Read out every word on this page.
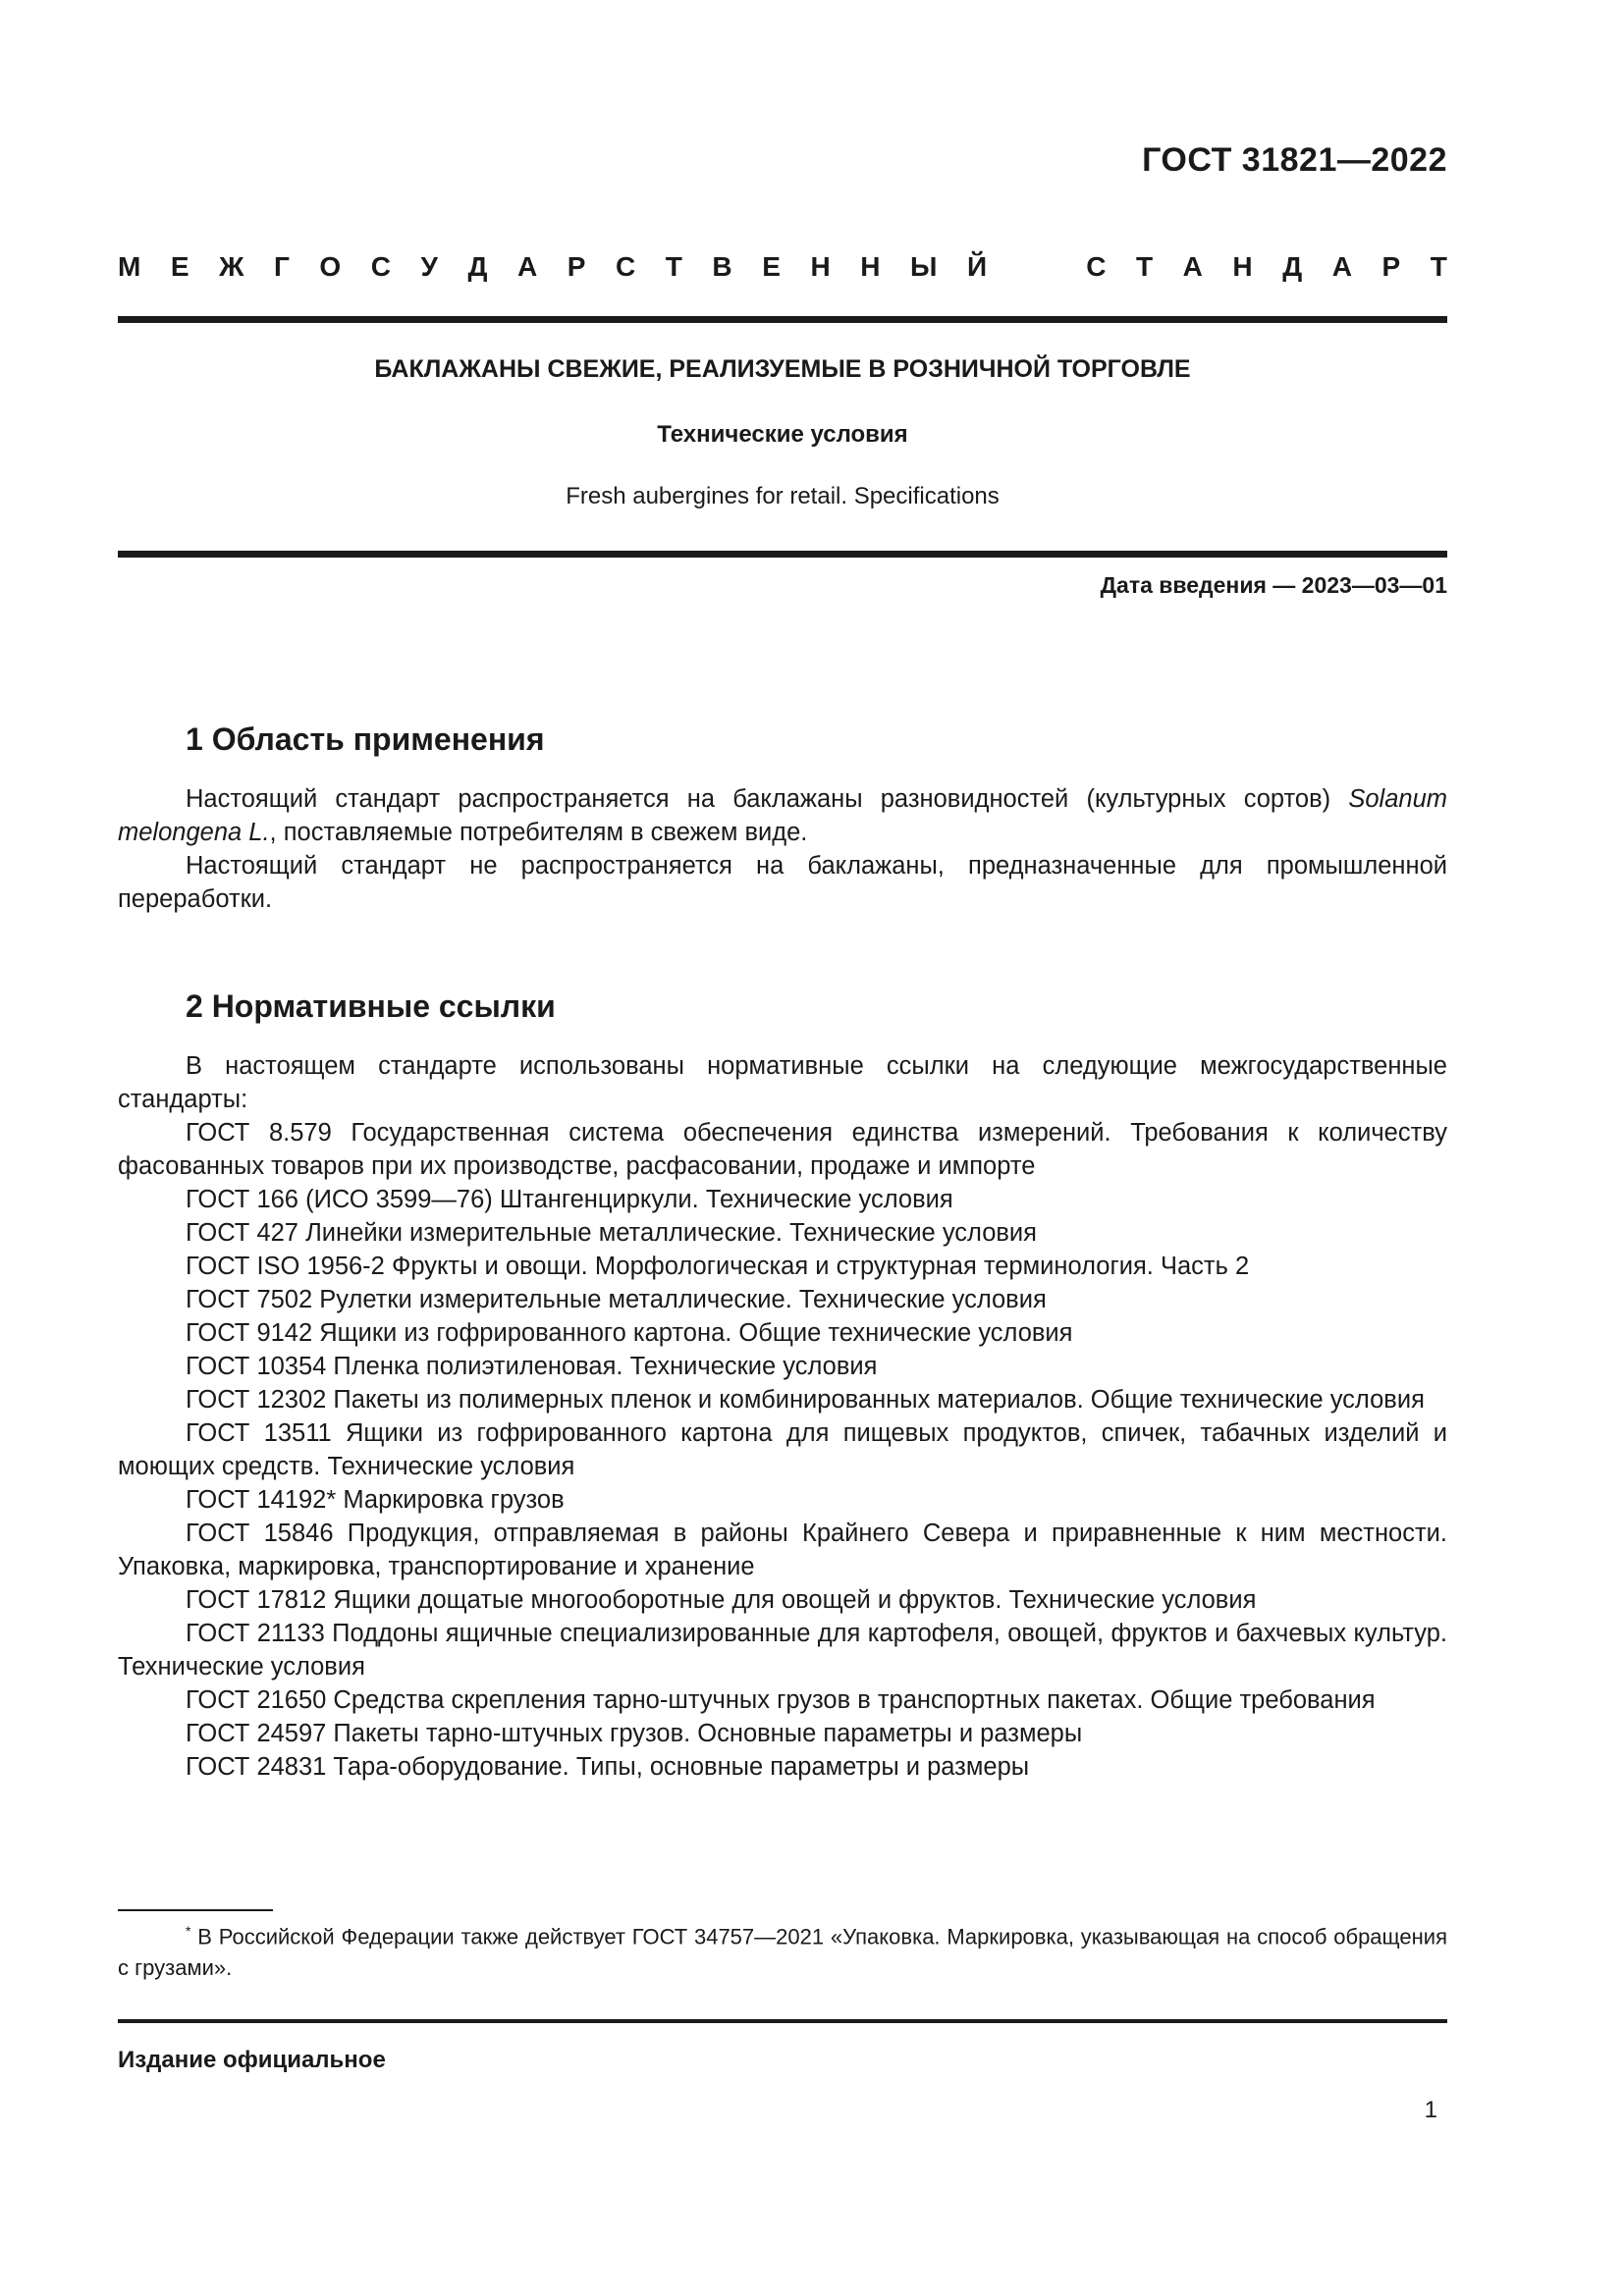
ГОСТ 31821—2022
М Е Ж Г О С У Д А Р С Т В Е Н Н Ы Й	С Т А Н Д А Р Т
БАКЛАЖАНЫ СВЕЖИЕ, РЕАЛИЗУЕМЫЕ В РОЗНИЧНОЙ ТОРГОВЛЕ
Технические условия
Fresh aubergines for retail. Specifications
Дата введения — 2023—03—01
1 Область применения

Настоящий стандарт распространяется на баклажаны разновидностей (культурных сортов) Solanum melongena L., поставляемые потребителям в свежем виде.

Настоящий стандарт не распространяется на баклажаны, предназначенные для промышленной переработки.

2 Нормативные ссылки

В настоящем стандарте использованы нормативные ссылки на следующие межгосударственные стандарты:

ГОСТ 8.579 Государственная система обеспечения единства измерений. Требования к количеству фасованных товаров при их производстве, расфасовании, продаже и импорте

ГОСТ 166 (ИСО 3599—76) Штангенциркули. Технические условия

ГОСТ 427 Линейки измерительные металлические. Технические условия

ГОСТ ISO 1956-2 Фрукты и овощи. Морфологическая и структурная терминология. Часть 2

ГОСТ 7502 Рулетки измерительные металлические. Технические условия

ГОСТ 9142 Ящики из гофрированного картона. Общие технические условия

ГОСТ 10354 Пленка полиэтиленовая. Технические условия

ГОСТ 12302 Пакеты из полимерных пленок и комбинированных материалов. Общие технические условия

ГОСТ 13511 Ящики из гофрированного картона для пищевых продуктов, спичек, табачных изделий и моющих средств. Технические условия

ГОСТ 14192* Маркировка грузов

ГОСТ 15846 Продукция, отправляемая в районы Крайнего Севера и приравненные к ним местности. Упаковка, маркировка, транспортирование и хранение

ГОСТ 17812 Ящики дощатые многооборотные для овощей и фруктов. Технические условия

ГОСТ 21133 Поддоны ящичные специализированные для картофеля, овощей, фруктов и бахчевых культур. Технические условия

ГОСТ 21650 Средства скрепления тарно-штучных грузов в транспортных пакетах. Общие требования

ГОСТ 24597 Пакеты тарно-штучных грузов. Основные параметры и размеры

ГОСТ 24831 Тара-оборудование. Типы, основные параметры и размеры

* В Российской Федерации также действует ГОСТ 34757—2021 «Упаковка. Маркировка, указывающая на способ обращения с грузами».

Издание официальное
1
